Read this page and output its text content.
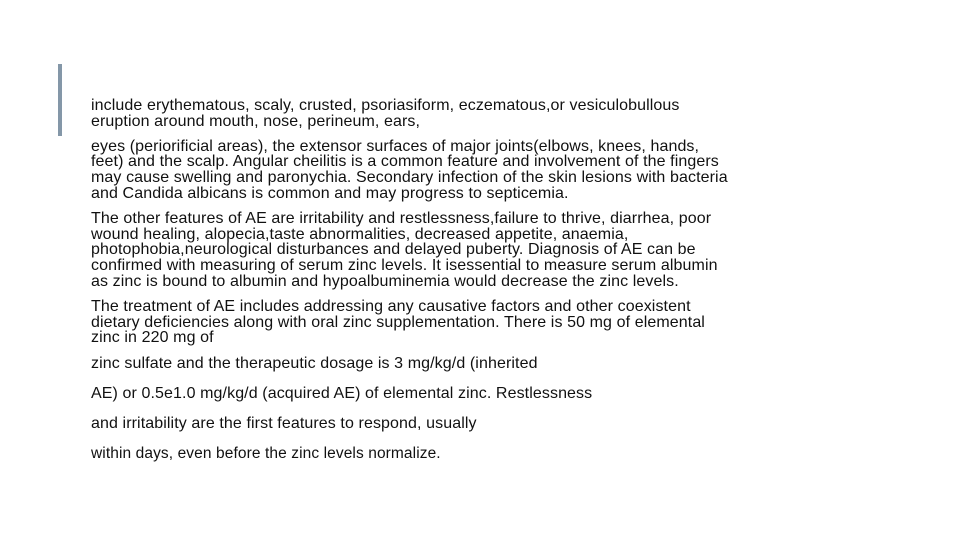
include erythematous, scaly, crusted, psoriasiform, eczematous,or vesiculobullous
eruption around mouth, nose, perineum, ears,

eyes (periorificial areas), the extensor surfaces of major joints(elbows, knees, hands,
feet) and the scalp. Angular cheilitis is a common feature and involvement of the fingers
may cause swelling and paronychia. Secondary infection of the skin lesions with bacteria
and Candida albicans is common and may progress to septicemia.

The other features of AE are irritability and restlessness,failure to thrive, diarrhea, poor
wound healing, alopecia,taste abnormalities, decreased appetite, anaemia,
photophobia,neurological disturbances and delayed puberty. Diagnosis of AE can be
confirmed with measuring of serum zinc levels. It isessential to measure serum albumin
as zinc is bound to albumin and hypoalbuminemia would decrease the zinc levels.

The treatment of AE includes addressing any causative factors and other coexistent
dietary deficiencies along with oral zinc supplementation. There is 50 mg of elemental
zinc in 220 mg of

zinc sulfate and the therapeutic dosage is 3 mg/kg/d (inherited

AE) or 0.5e1.0 mg/kg/d (acquired AE) of elemental zinc. Restlessness

and irritability are the first features to respond, usually

within days, even before the zinc levels normalize.
